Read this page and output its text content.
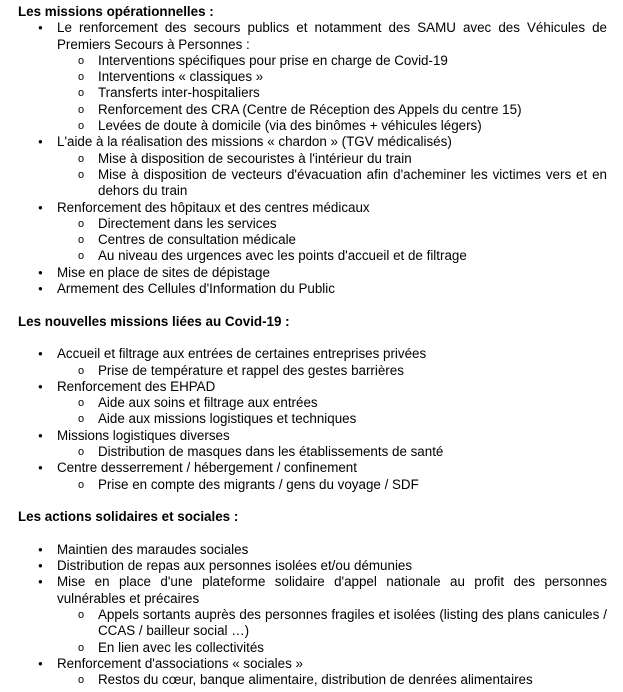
Les missions opérationnelles :
● Le renforcement des secours publics et notamment des SAMU avec des Véhicules de Premiers Secours à Personnes :
o Interventions spécifiques pour prise en charge de Covid-19
o Interventions « classiques »
o Transferts inter-hospitaliers
o Renforcement des CRA (Centre de Réception des Appels du centre 15)
o Levées de doute à domicile (via des binômes + véhicules légers)
● L'aide à la réalisation des missions « chardon » (TGV médicalisés)
o Mise à disposition de secouristes à l'intérieur du train
o Mise à disposition de vecteurs d'évacuation afin d'acheminer les victimes vers et en dehors du train
● Renforcement des hôpitaux et des centres médicaux
o Directement dans les services
o Centres de consultation médicale
o Au niveau des urgences avec les points d'accueil et de filtrage
● Mise en place de sites de dépistage
● Armement des Cellules d'Information du Public
Les nouvelles missions liées au Covid-19 :
● Accueil et filtrage aux entrées de certaines entreprises privées
o Prise de température et rappel des gestes barrières
● Renforcement des EHPAD
o Aide aux soins et filtrage aux entrées
o Aide aux missions logistiques et techniques
● Missions logistiques diverses
o Distribution de masques dans les établissements de santé
● Centre desserrement / hébergement / confinement
o Prise en compte des migrants / gens du voyage / SDF
Les actions solidaires et sociales :
● Maintien des maraudes sociales
● Distribution de repas aux personnes isolées et/ou démunies
● Mise en place d'une plateforme solidaire d'appel nationale au profit des personnes vulnérables et précaires
o Appels sortants auprès des personnes fragiles et isolées (listing des plans canicules / CCAS / bailleur social …)
o En lien avec les collectivités
● Renforcement d'associations « sociales »
o Restos du cœur, banque alimentaire, distribution de denrées alimentaires
